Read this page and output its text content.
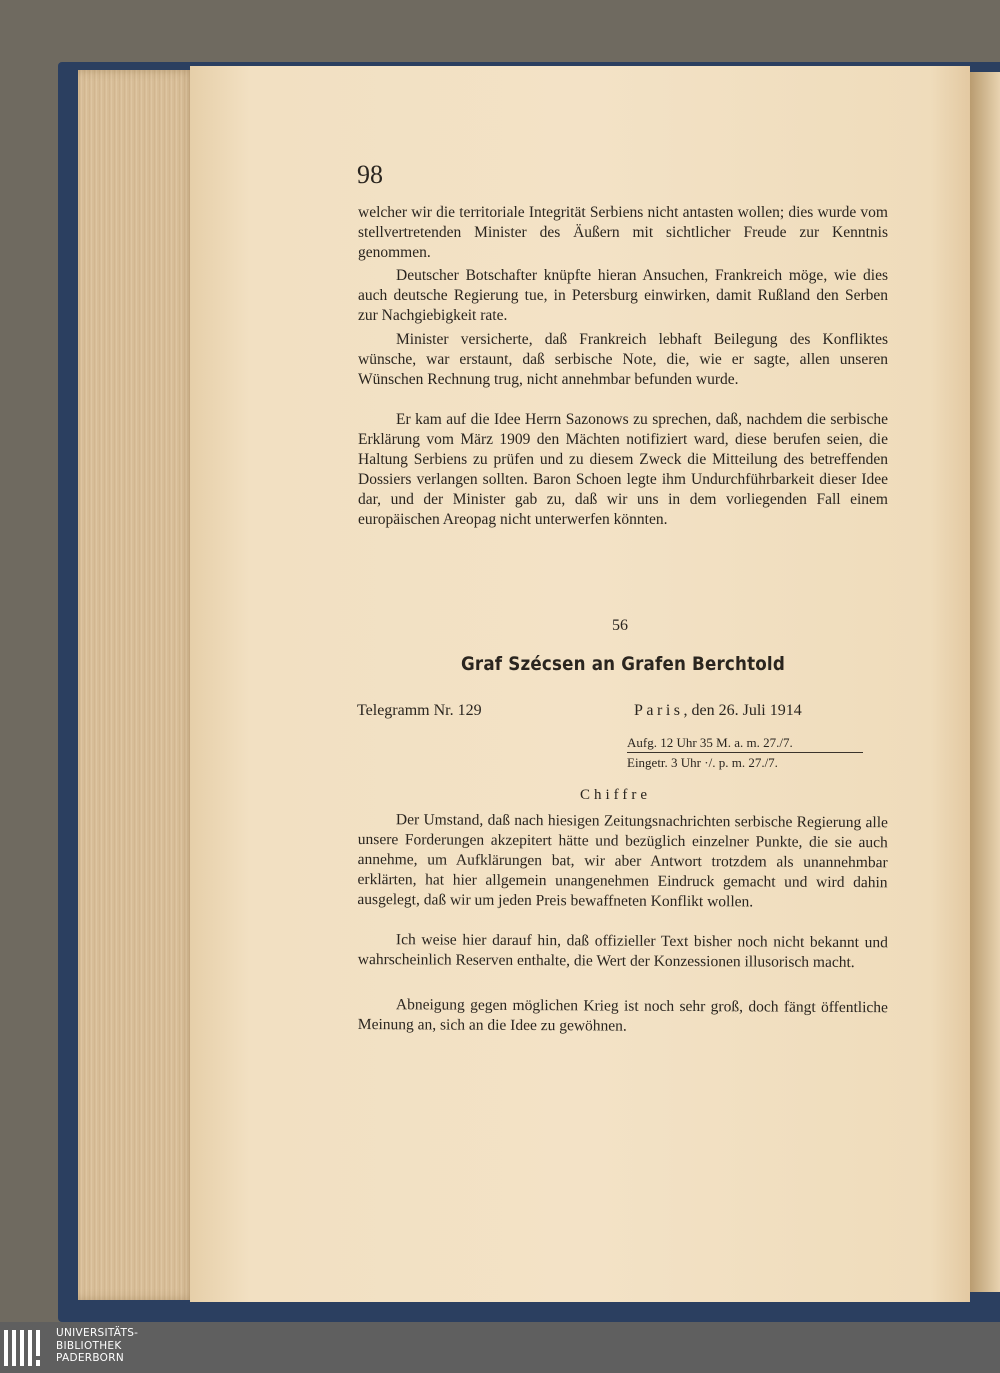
98

welcher wir die territoriale Integrität Serbiens nicht antasten wollen; dies wurde vom stellvertretenden Minister des Äußern mit sichtlicher Freude zur Kenntnis genommen.

Deutscher Botschafter knüpfte hieran Ansuchen, Frankreich möge, wie dies auch deutsche Regierung tue, in Petersburg einwirken, damit Rußland den Serben zur Nachgiebigkeit rate.

Minister versicherte, daß Frankreich lebhaft Beilegung des Konfliktes wünsche, war erstaunt, daß serbische Note, die, wie er sagte, allen unseren Wünschen Rechnung trug, nicht annehmbar befunden wurde.

Er kam auf die Idee Herrn Sazonows zu sprechen, daß, nachdem die serbische Erklärung vom März 1909 den Mächten notifiziert ward, diese berufen seien, die Haltung Serbiens zu prüfen und zu diesem Zweck die Mitteilung des betreffenden Dossiers verlangen sollten. Baron Schoen legte ihm Undurchführbarkeit dieser Idee dar, und der Minister gab zu, daß wir uns in dem vorliegenden Fall einem europäischen Areopag nicht unterwerfen könnten.

56
Graf Szécsen an Grafen Berchtold
Telegramm Nr. 129	Paris, den 26. Juli 1914
Aufg. 12 Uhr 35 M. a. m. 27./7.
Eingetr. 3 Uhr ·/. p. m. 27./7.
Chiffre

Der Umstand, daß nach hiesigen Zeitungsnachrichten serbische Regierung alle unsere Forderungen akzepitert hätte und bezüglich einzelner Punkte, die sie auch annehme, um Aufklärungen bat, wir aber Antwort trotzdem als unannehmbar erklärten, hat hier allgemein unangenehmen Eindruck gemacht und wird dahin ausgelegt, daß wir um jeden Preis bewaffneten Konflikt wollen.

Ich weise hier darauf hin, daß offizieller Text bisher noch nicht bekannt und wahrscheinlich Reserven enthalte, die Wert der Konzessionen illusorisch macht.

Abneigung gegen möglichen Krieg ist noch sehr groß, doch fängt öffentliche Meinung an, sich an die Idee zu gewöhnen.

UNIVERSITÄTS-
BIBLIOTHEK
PADERBORN
